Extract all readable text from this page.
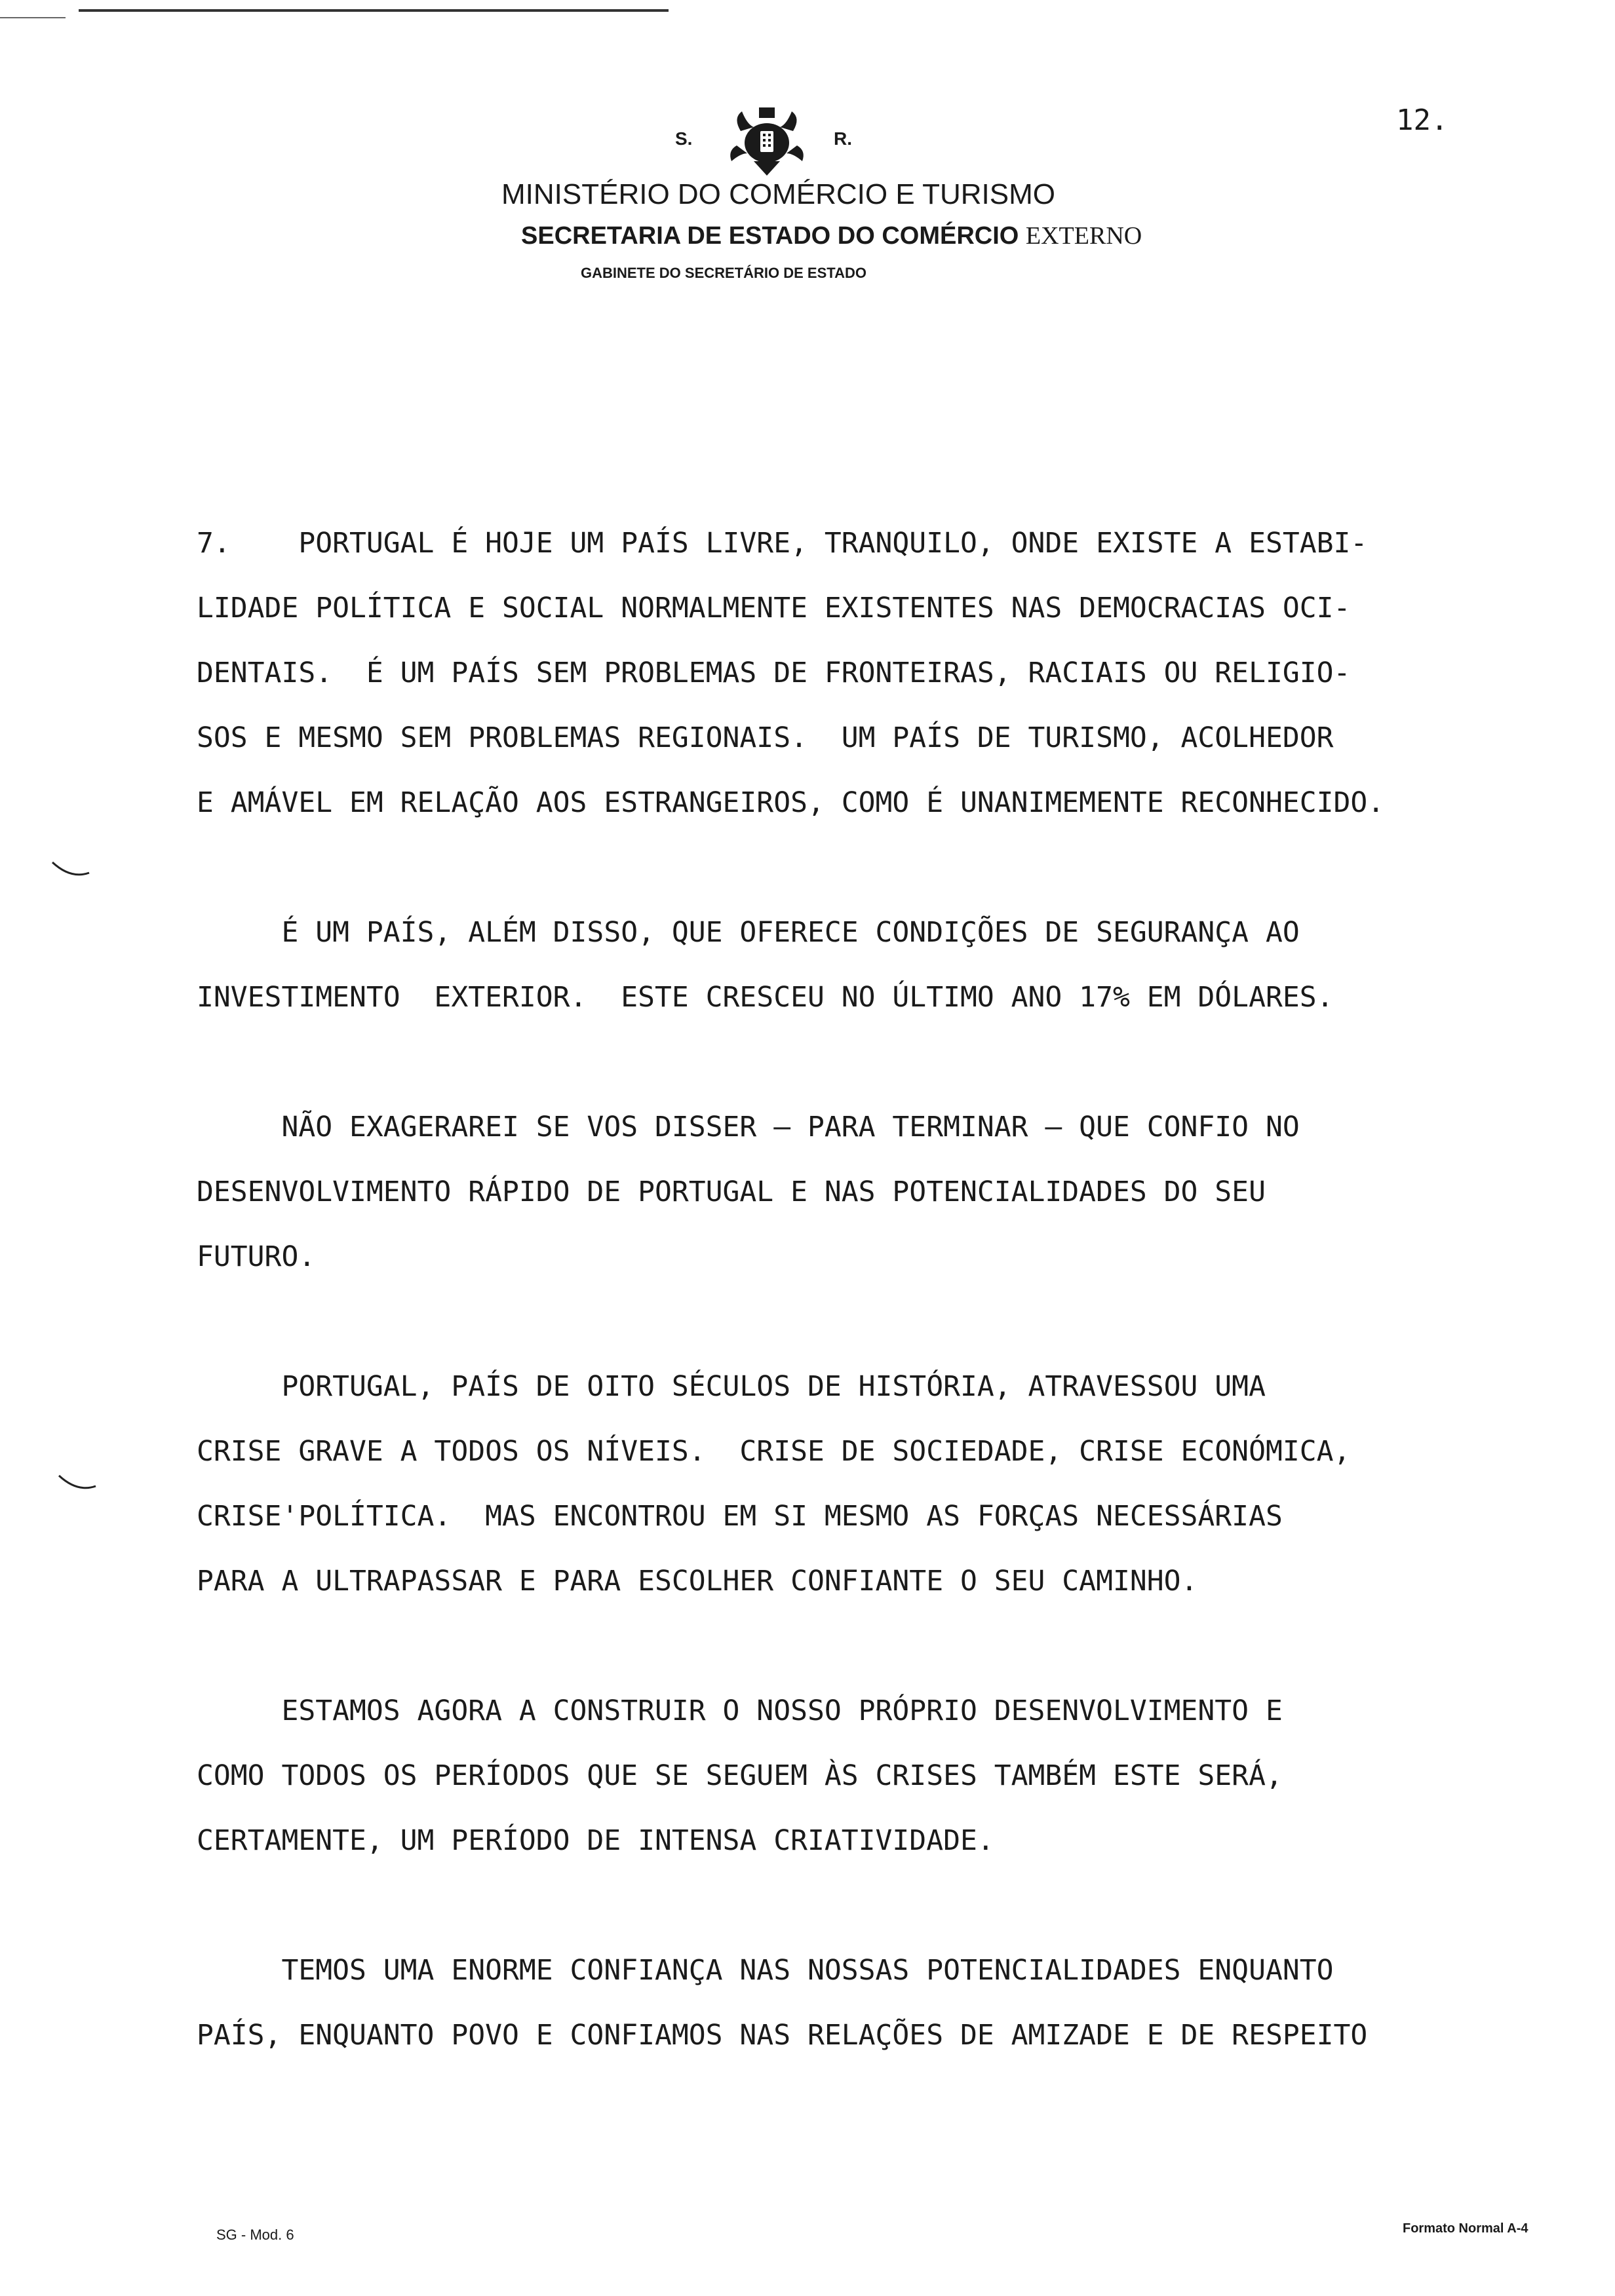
12.
S.	R.
MINISTÉRIO DO COMÉRCIO E TURISMO
SECRETARIA DE ESTADO DO COMÉRCIO EXTERNO
GABINETE DO SECRETÁRIO DE ESTADO

7.    PORTUGAL É HOJE UM PAÍS LIVRE, TRANQUILO, ONDE EXISTE A ESTABI-

LIDADE POLÍTICA E SOCIAL NORMALMENTE EXISTENTES NAS DEMOCRACIAS OCI-

DENTAIS.  É UM PAÍS SEM PROBLEMAS DE FRONTEIRAS, RACIAIS OU RELIGIO-

SOS E MESMO SEM PROBLEMAS REGIONAIS.  UM PAÍS DE TURISMO, ACOLHEDOR

E AMÁVEL EM RELAÇÃO AOS ESTRANGEIROS, COMO É UNANIMEMENTE RECONHECIDO.

É UM PAÍS, ALÉM DISSO, QUE OFERECE CONDIÇÕES DE SEGURANÇA AO

INVESTIMENTO  EXTERIOR.  ESTE CRESCEU NO ÚLTIMO ANO 17% EM DÓLARES.

NÃO EXAGERAREI SE VOS DISSER — PARA TERMINAR — QUE CONFIO NO

DESENVOLVIMENTO RÁPIDO DE PORTUGAL E NAS POTENCIALIDADES DO SEU

FUTURO.

PORTUGAL, PAÍS DE OITO SÉCULOS DE HISTÓRIA, ATRAVESSOU UMA

CRISE GRAVE A TODOS OS NÍVEIS.  CRISE DE SOCIEDADE, CRISE ECONÓMICA,

CRISE'POLÍTICA.  MAS ENCONTROU EM SI MESMO AS FORÇAS NECESSÁRIAS

PARA A ULTRAPASSAR E PARA ESCOLHER CONFIANTE O SEU CAMINHO.

ESTAMOS AGORA A CONSTRUIR O NOSSO PRÓPRIO DESENVOLVIMENTO E

COMO TODOS OS PERÍODOS QUE SE SEGUEM ÀS CRISES TAMBÉM ESTE SERÁ,

CERTAMENTE, UM PERÍODO DE INTENSA CRIATIVIDADE.

TEMOS UMA ENORME CONFIANÇA NAS NOSSAS POTENCIALIDADES ENQUANTO

PAÍS, ENQUANTO POVO E CONFIAMOS NAS RELAÇÕES DE AMIZADE E DE RESPEITO

SG - Mod. 6	Formato Normal A-4
